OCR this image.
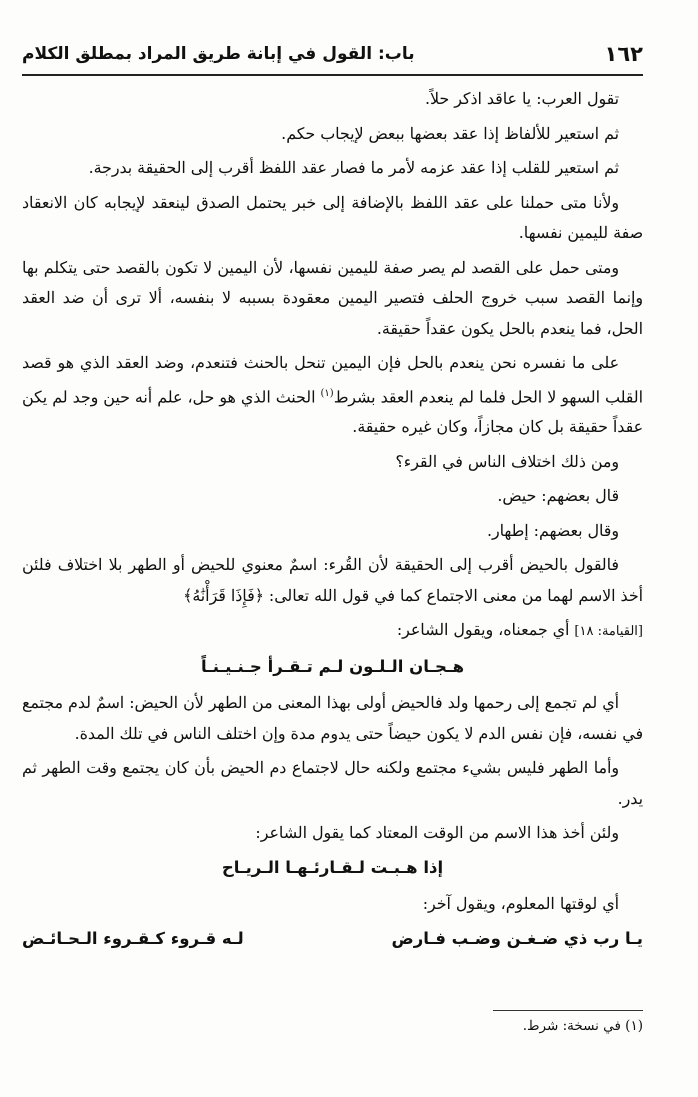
١٦٢
باب: القول في إبانة طريق المراد بمطلق الكلام

تقول العرب: يا عاقد اذكر حلاً.

ثم استعير للألفاظ إذا عقد بعضها ببعض لإيجاب حكم.

ثم استعير للقلب إذا عقد عزمه لأمر ما فصار عقد اللفظ أقرب إلى الحقيقة بدرجة.

ولأنا متى حملنا على عقد اللفظ بالإضافة إلى خبر يحتمل الصدق لينعقد لإيجابه كان الانعقاد صفة لليمين نفسها.

ومتى حمل على القصد لم يصر صفة لليمين نفسها، لأن اليمين لا تكون بالقصد حتى يتكلم بها وإنما القصد سبب خروج الحلف فتصير اليمين معقودة بسببه لا بنفسه، ألا ترى أن ضد العقد الحل، فما ينعدم بالحل يكون عقداً حقيقة.

على ما نفسره نحن ينعدم بالحل فإن اليمين تنحل بالحنث فتنعدم، وضد العقد الذي هو قصد القلب السهو لا الحل فلما لم ينعدم العقد بشرط$^{(١)}$ الحنث الذي هو حل، علم أنه حين وجد لم يكن عقداً حقيقة بل كان مجازاً، وكان غيره حقيقة.

ومن ذلك اختلاف الناس في القرء؟

قال بعضهم: حيض.

وقال بعضهم: إطهار.

فالقول بالحيض أقرب إلى الحقيقة لأن القُرء: اسمٌ معنوي للحيض أو الطهر بلا اختلاف فلئن أخذ الاسم لهما من معنى الاجتماع كما في قول الله تعالى: ﴿فَإِذَا قَرَأْنَٰهُ﴾

[القيامة: ١٨] أي جمعناه، ويقول الشاعر:

هـجـان الـلـون لـم تـقـرأ جـنـيـنـاً

أي لم تجمع إلى رحمها ولد فالحيض أولى بهذا المعنى من الطهر لأن الحيض: اسمٌ لدم مجتمع في نفسه، فإن نفس الدم لا يكون حيضاً حتى يدوم مدة وإن اختلف الناس في تلك المدة.

وأما الطهر فليس بشيء مجتمع ولكنه حال لاجتماع دم الحيض بأن كان يجتمع وقت الطهر ثم يدر.

ولئن أخذ هذا الاسم من الوقت المعتاد كما يقول الشاعر:

إذا هـبـت لـقـارئـهـا الـريـاح

أي لوقتها المعلوم، ويقول آخر:

يـا رب ذي ضـغـن وضـب فـارض
لـه قـروء كـقـروء الـحـائـض
(١) في نسخة: شرط.
